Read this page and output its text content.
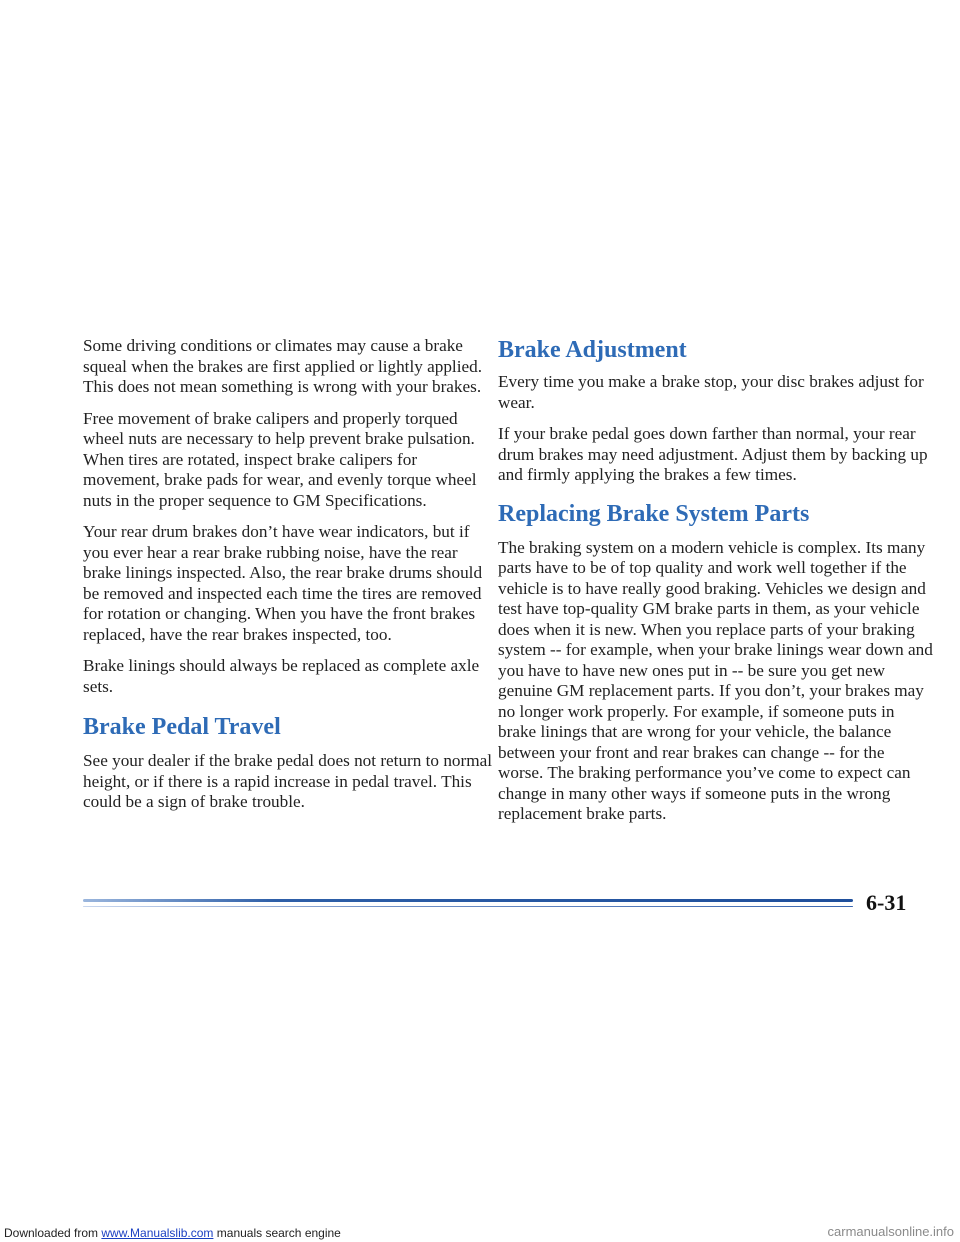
Some driving conditions or climates may cause a brake squeal when the brakes are first applied or lightly applied. This does not mean something is wrong with your brakes.

Free movement of brake calipers and properly torqued wheel nuts are necessary to help prevent brake pulsation. When tires are rotated, inspect brake calipers for movement, brake pads for wear, and evenly torque wheel nuts in the proper sequence to GM Specifications.

Your rear drum brakes don’t have wear indicators, but if you ever hear a rear brake rubbing noise, have the rear brake linings inspected. Also, the rear brake drums should be removed and inspected each time the tires are removed for rotation or changing. When you have the front brakes replaced, have the rear brakes inspected, too.

Brake linings should always be replaced as complete axle sets.

Brake Pedal Travel

See your dealer if the brake pedal does not return to normal height, or if there is a rapid increase in pedal travel. This could be a sign of brake trouble.

Brake Adjustment

Every time you make a brake stop, your disc brakes adjust for wear.

If your brake pedal goes down farther than normal, your rear drum brakes may need adjustment. Adjust them by backing up and firmly applying the brakes a few times.

Replacing Brake System Parts

The braking system on a modern vehicle is complex. Its many parts have to be of top quality and work well together if the vehicle is to have really good braking. Vehicles we design and test have top-quality GM brake parts in them, as your vehicle does when it is new. When you replace parts of your braking system -- for example, when your brake linings wear down and you have to have new ones put in -- be sure you get new genuine GM replacement parts. If you don’t, your brakes may no longer work properly. For example, if someone puts in brake linings that are wrong for your vehicle, the balance between your front and rear brakes can change -- for the worse. The braking performance you’ve come to expect can change in many other ways if someone puts in the wrong replacement brake parts.

6-31
Downloaded from www.Manualslib.com manuals search engine	carmanualsonline.info
